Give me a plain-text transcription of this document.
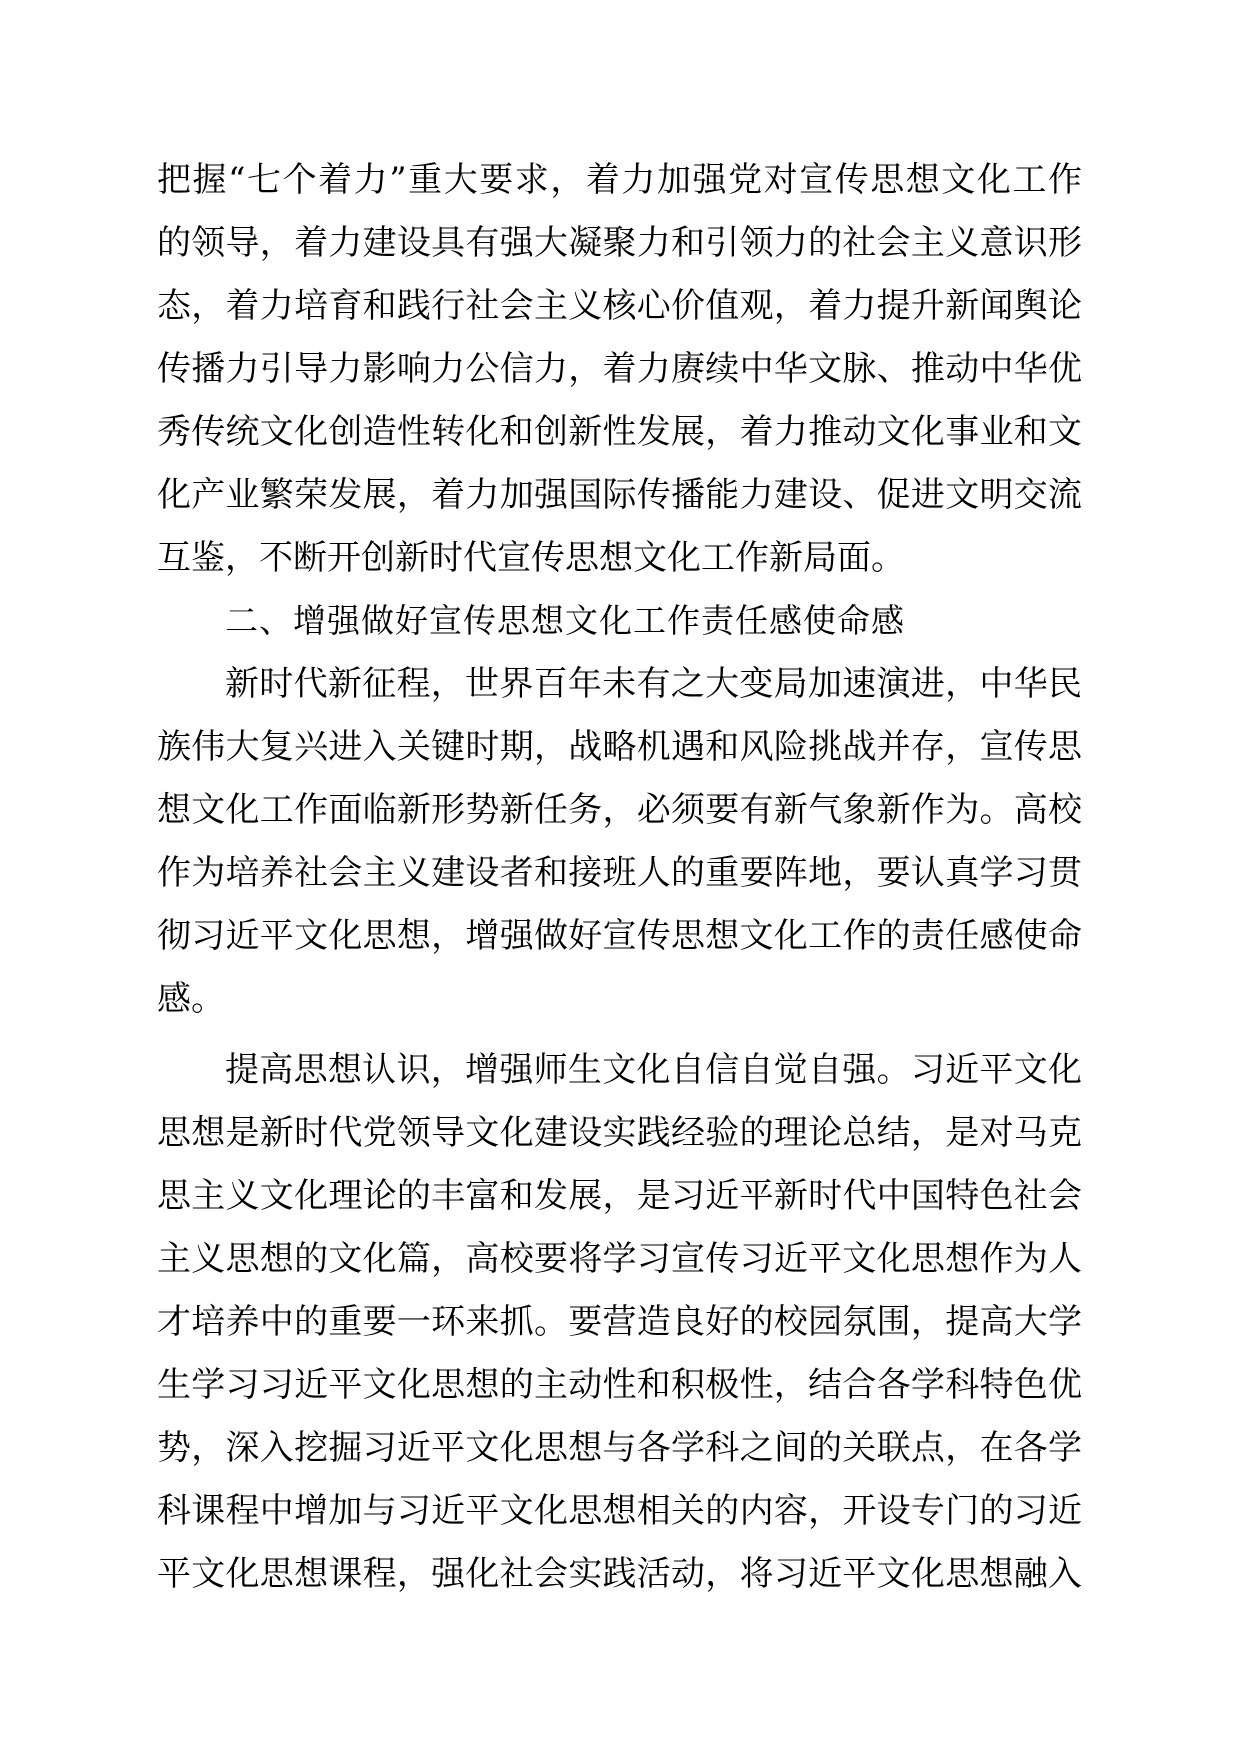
把握“七个着力”重大要求，着力加强党对宣传思想文化工作
的领导，着力建设具有强大凝聚力和引领力的社会主义意识形
态，着力培育和践行社会主义核心价值观，着力提升新闻舆论
传播力引导力影响力公信力，着力赓续中华文脉、推动中华优
秀传统文化创造性转化和创新性发展，着力推动文化事业和文
化产业繁荣发展，着力加强国际传播能力建设、促进文明交流
互鉴，不断开创新时代宣传思想文化工作新局面。
二、增强做好宣传思想文化工作责任感使命感
新时代新征程，世界百年未有之大变局加速演进，中华民
族伟大复兴进入关键时期，战略机遇和风险挑战并存，宣传思
想文化工作面临新形势新任务，必须要有新气象新作为。高校
作为培养社会主义建设者和接班人的重要阵地，要认真学习贯
彻习近平文化思想，增强做好宣传思想文化工作的责任感使命
感。
提高思想认识，增强师生文化自信自觉自强。习近平文化
思想是新时代党领导文化建设实践经验的理论总结，是对马克
思主义文化理论的丰富和发展，是习近平新时代中国特色社会
主义思想的文化篇，高校要将学习宣传习近平文化思想作为人
才培养中的重要一环来抓。要营造良好的校园氛围，提高大学
生学习习近平文化思想的主动性和积极性，结合各学科特色优
势，深入挖掘习近平文化思想与各学科之间的关联点，在各学
科课程中增加与习近平文化思想相关的内容，开设专门的习近
平文化思想课程，强化社会实践活动，将习近平文化思想融入
